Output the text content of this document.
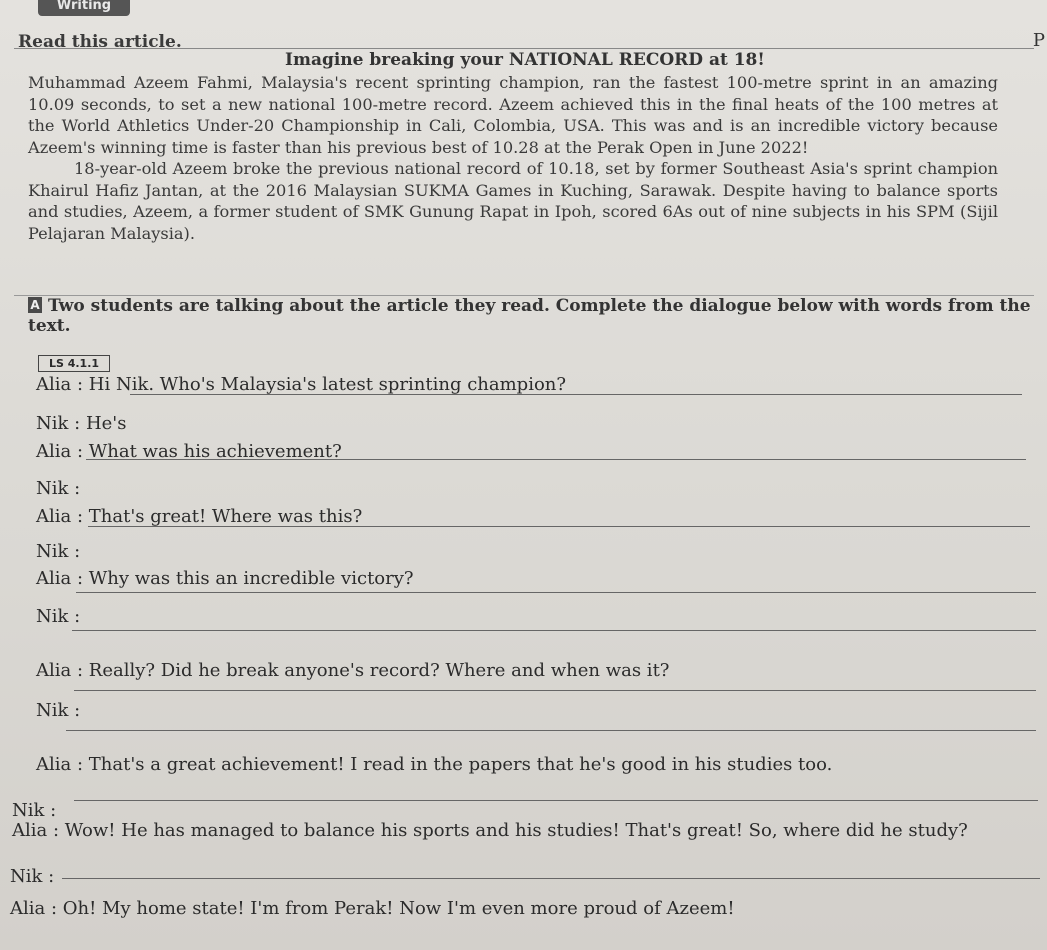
Writing
Read this article.	P
Imagine breaking your NATIONAL RECORD at 18!

Muhammad Azeem Fahmi, Malaysia's recent sprinting champion, ran the fastest 100-metre sprint in an amazing 10.09 seconds, to set a new national 100-metre record. Azeem achieved this in the final heats of the 100 metres at the World Athletics Under-20 Championship in Cali, Colombia, USA. This was and is an incredible victory because Azeem's winning time is faster than his previous best of 10.28 at the Perak Open in June 2022!

18-year-old Azeem broke the previous national record of 10.18, set by former Southeast Asia's sprint champion Khairul Hafiz Jantan, at the 2016 Malaysian SUKMA Games in Kuching, Sarawak. Despite having to balance sports and studies, Azeem, a former student of SMK Gunung Rapat in Ipoh, scored 6As out of nine subjects in his SPM (Sijil Pelajaran Malaysia).

A Two students are talking about the article they read. Complete the dialogue below with words from the text.
LS 4.1.1
Alia : Hi Nik. Who's Malaysia's latest sprinting champion?
Nik : He's
Alia : What was his achievement?
Nik :
Alia : That's great! Where was this?
Nik :
Alia : Why was this an incredible victory?
Nik :
Alia : Really? Did he break anyone's record? Where and when was it?
Nik :
Alia : That's a great achievement! I read in the papers that he's good in his studies too.
Nik :
Alia : Wow! He has managed to balance his sports and his studies! That's great! So, where did he study?
Nik :
Alia : Oh! My home state! I'm from Perak! Now I'm even more proud of Azeem!
